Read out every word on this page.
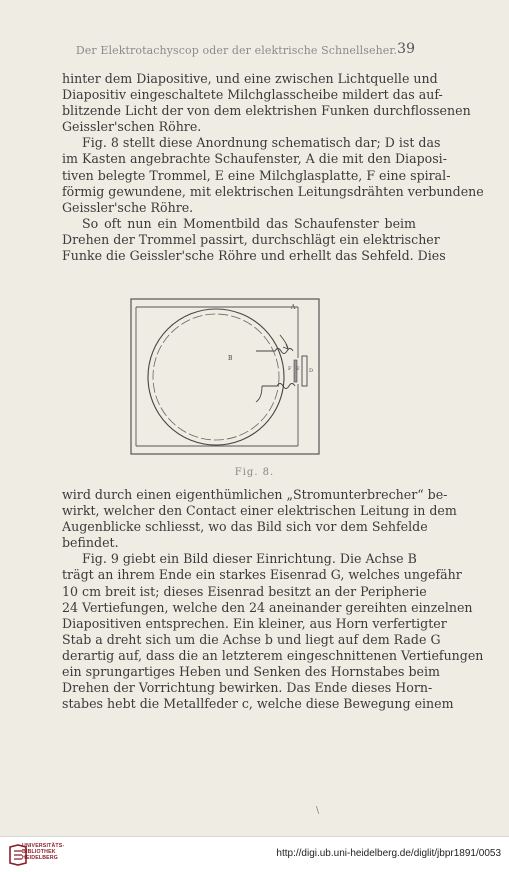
Der Elektrotachyscop oder der elektrische Schnellseher. 39
hinter dem Diapositive, und eine zwischen Lichtquelle und
Diapositiv eingeschaltete Milchglasscheibe mildert das auf-
blitzende Licht der von dem elektrishen Funken durchflossenen
Geissler'schen Röhre.
Fig. 8 stellt diese Anordnung schematisch dar; D ist das
im Kasten angebrachte Schaufenster, A die mit den Diaposi-
tiven belegte Trommel, E eine Milchglasplatte, F eine spiral-
förmig gewundene, mit elektrischen Leitungsdrähten verbundene
Geissler'sche Röhre.
So oft nun ein Momentbild das Schaufenster beim
Drehen der Trommel passirt, durchschlägt ein elektrischer
Funke die Geissler'sche Röhre und erhellt das Sehfeld. Dies
A
B
F E D
Fig. 8.
wird durch einen eigenthümlichen „Stromunterbrecher“ be-
wirkt, welcher den Contact einer elektrischen Leitung in dem
Augenblicke schliesst, wo das Bild sich vor dem Sehfelde
befindet.
Fig. 9 giebt ein Bild dieser Einrichtung. Die Achse B
trägt an ihrem Ende ein starkes Eisenrad G, welches ungefähr
10 cm breit ist; dieses Eisenrad besitzt an der Peripherie
24 Vertiefungen, welche den 24 aneinander gereihten einzelnen
Diapositiven entsprechen. Ein kleiner, aus Horn verfertigter
Stab a dreht sich um die Achse b und liegt auf dem Rade G
derartig auf, dass die an letzterem eingeschnittenen Vertiefungen
ein sprungartiges Heben und Senken des Hornstabes beim
Drehen der Vorrichtung bewirken. Das Ende dieses Horn-
stabes hebt die Metallfeder c, welche diese Bewegung einem
\
UNIVERSITÄTS-
BIBLIOTHEK
HEIDELBERG	http://digi.ub.uni-heidelberg.de/diglit/jbpr1891/0053
